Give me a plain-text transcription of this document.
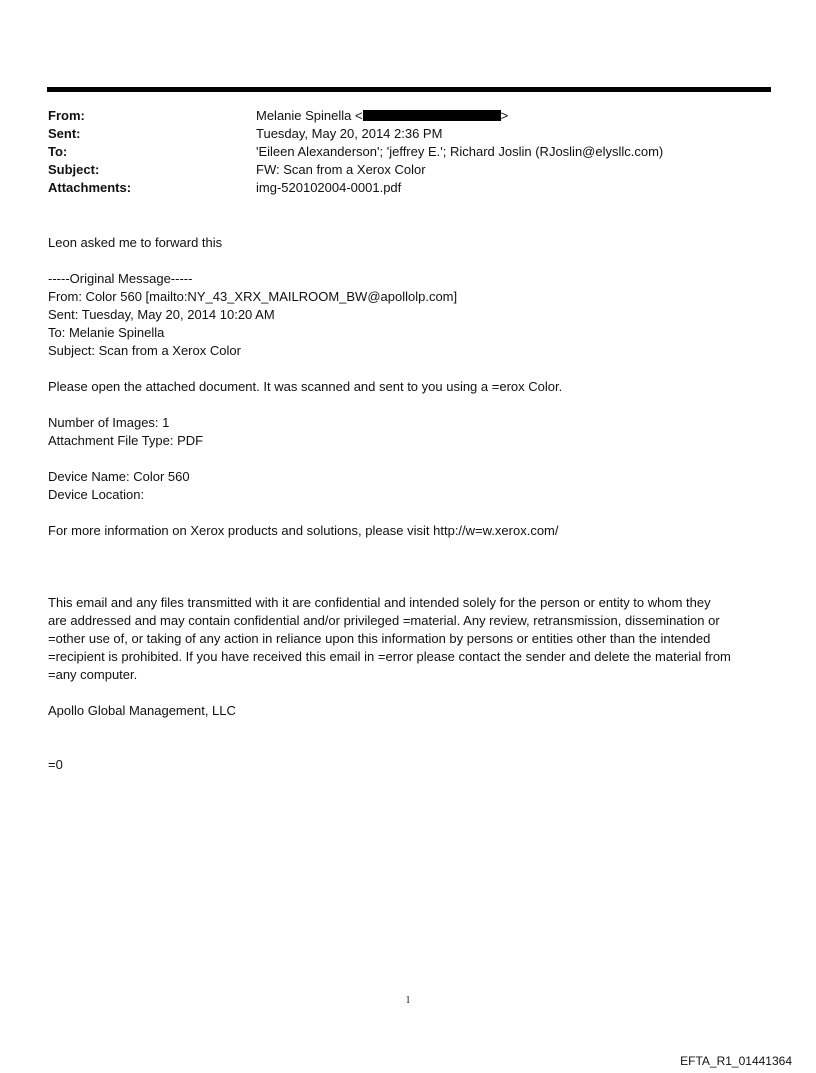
From:	Melanie Spinella <	>
Sent:	Tuesday, May 20, 2014 2:36 PM
To:	'Eileen Alexanderson'; 'jeffrey E.'; Richard Joslin (RJoslin@elysllc.com)
Subject:	FW: Scan from a Xerox Color
Attachments:	img-520102004-0001.pdf

Leon asked me to forward this

-----Original Message-----

From: Color 560 [mailto:NY_43_XRX_MAILROOM_BW@apollolp.com]

Sent: Tuesday, May 20, 2014 10:20 AM

To: Melanie Spinella

Subject: Scan from a Xerox Color

Please open the attached document. It was scanned and sent to you using a =erox Color.

Number of Images: 1

Attachment File Type: PDF

Device Name: Color 560

Device Location:

For more information on Xerox products and solutions, please visit http://w=w.xerox.com/

This email and any files transmitted with it are confidential and intended solely for the person or entity to whom they

are addressed and may contain confidential and/or privileged =material. Any review, retransmission, dissemination or

=other use of, or taking of any action in reliance upon this information by persons or entities other than the intended

=recipient is prohibited. If you have received this email in =error please contact the sender and delete the material from

=any computer.

Apollo Global Management, LLC

=0

1
EFTA_R1_01441364
